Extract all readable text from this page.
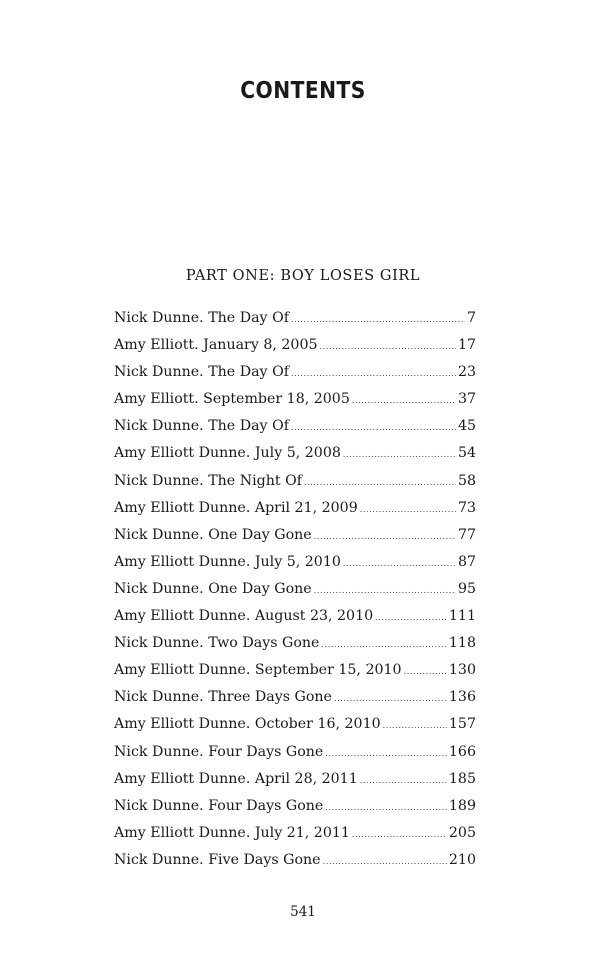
CONTENTS
PART ONE: BOY LOSES GIRL
Nick Dunne. The Day Of .....	7
Amy Elliott. January 8, 2005 .....	17
Nick Dunne. The Day Of .....	23
Amy Elliott. September 18, 2005 .....	37
Nick Dunne. The Day Of .....	45
Amy Elliott Dunne. July 5, 2008 .....	54
Nick Dunne. The Night Of .....	58
Amy Elliott Dunne. April 21, 2009 .....	73
Nick Dunne. One Day Gone .....	77
Amy Elliott Dunne. July 5, 2010 .....	87
Nick Dunne. One Day Gone .....	95
Amy Elliott Dunne. August 23, 2010 .....	111
Nick Dunne. Two Days Gone .....	118
Amy Elliott Dunne. September 15, 2010 .....	130
Nick Dunne. Three Days Gone .....	136
Amy Elliott Dunne. October 16, 2010 .....	157
Nick Dunne. Four Days Gone .....	166
Amy Elliott Dunne. April 28, 2011 .....	185
Nick Dunne. Four Days Gone .....	189
Amy Elliott Dunne. July 21, 2011 .....	205
Nick Dunne. Five Days Gone .....	210
541
